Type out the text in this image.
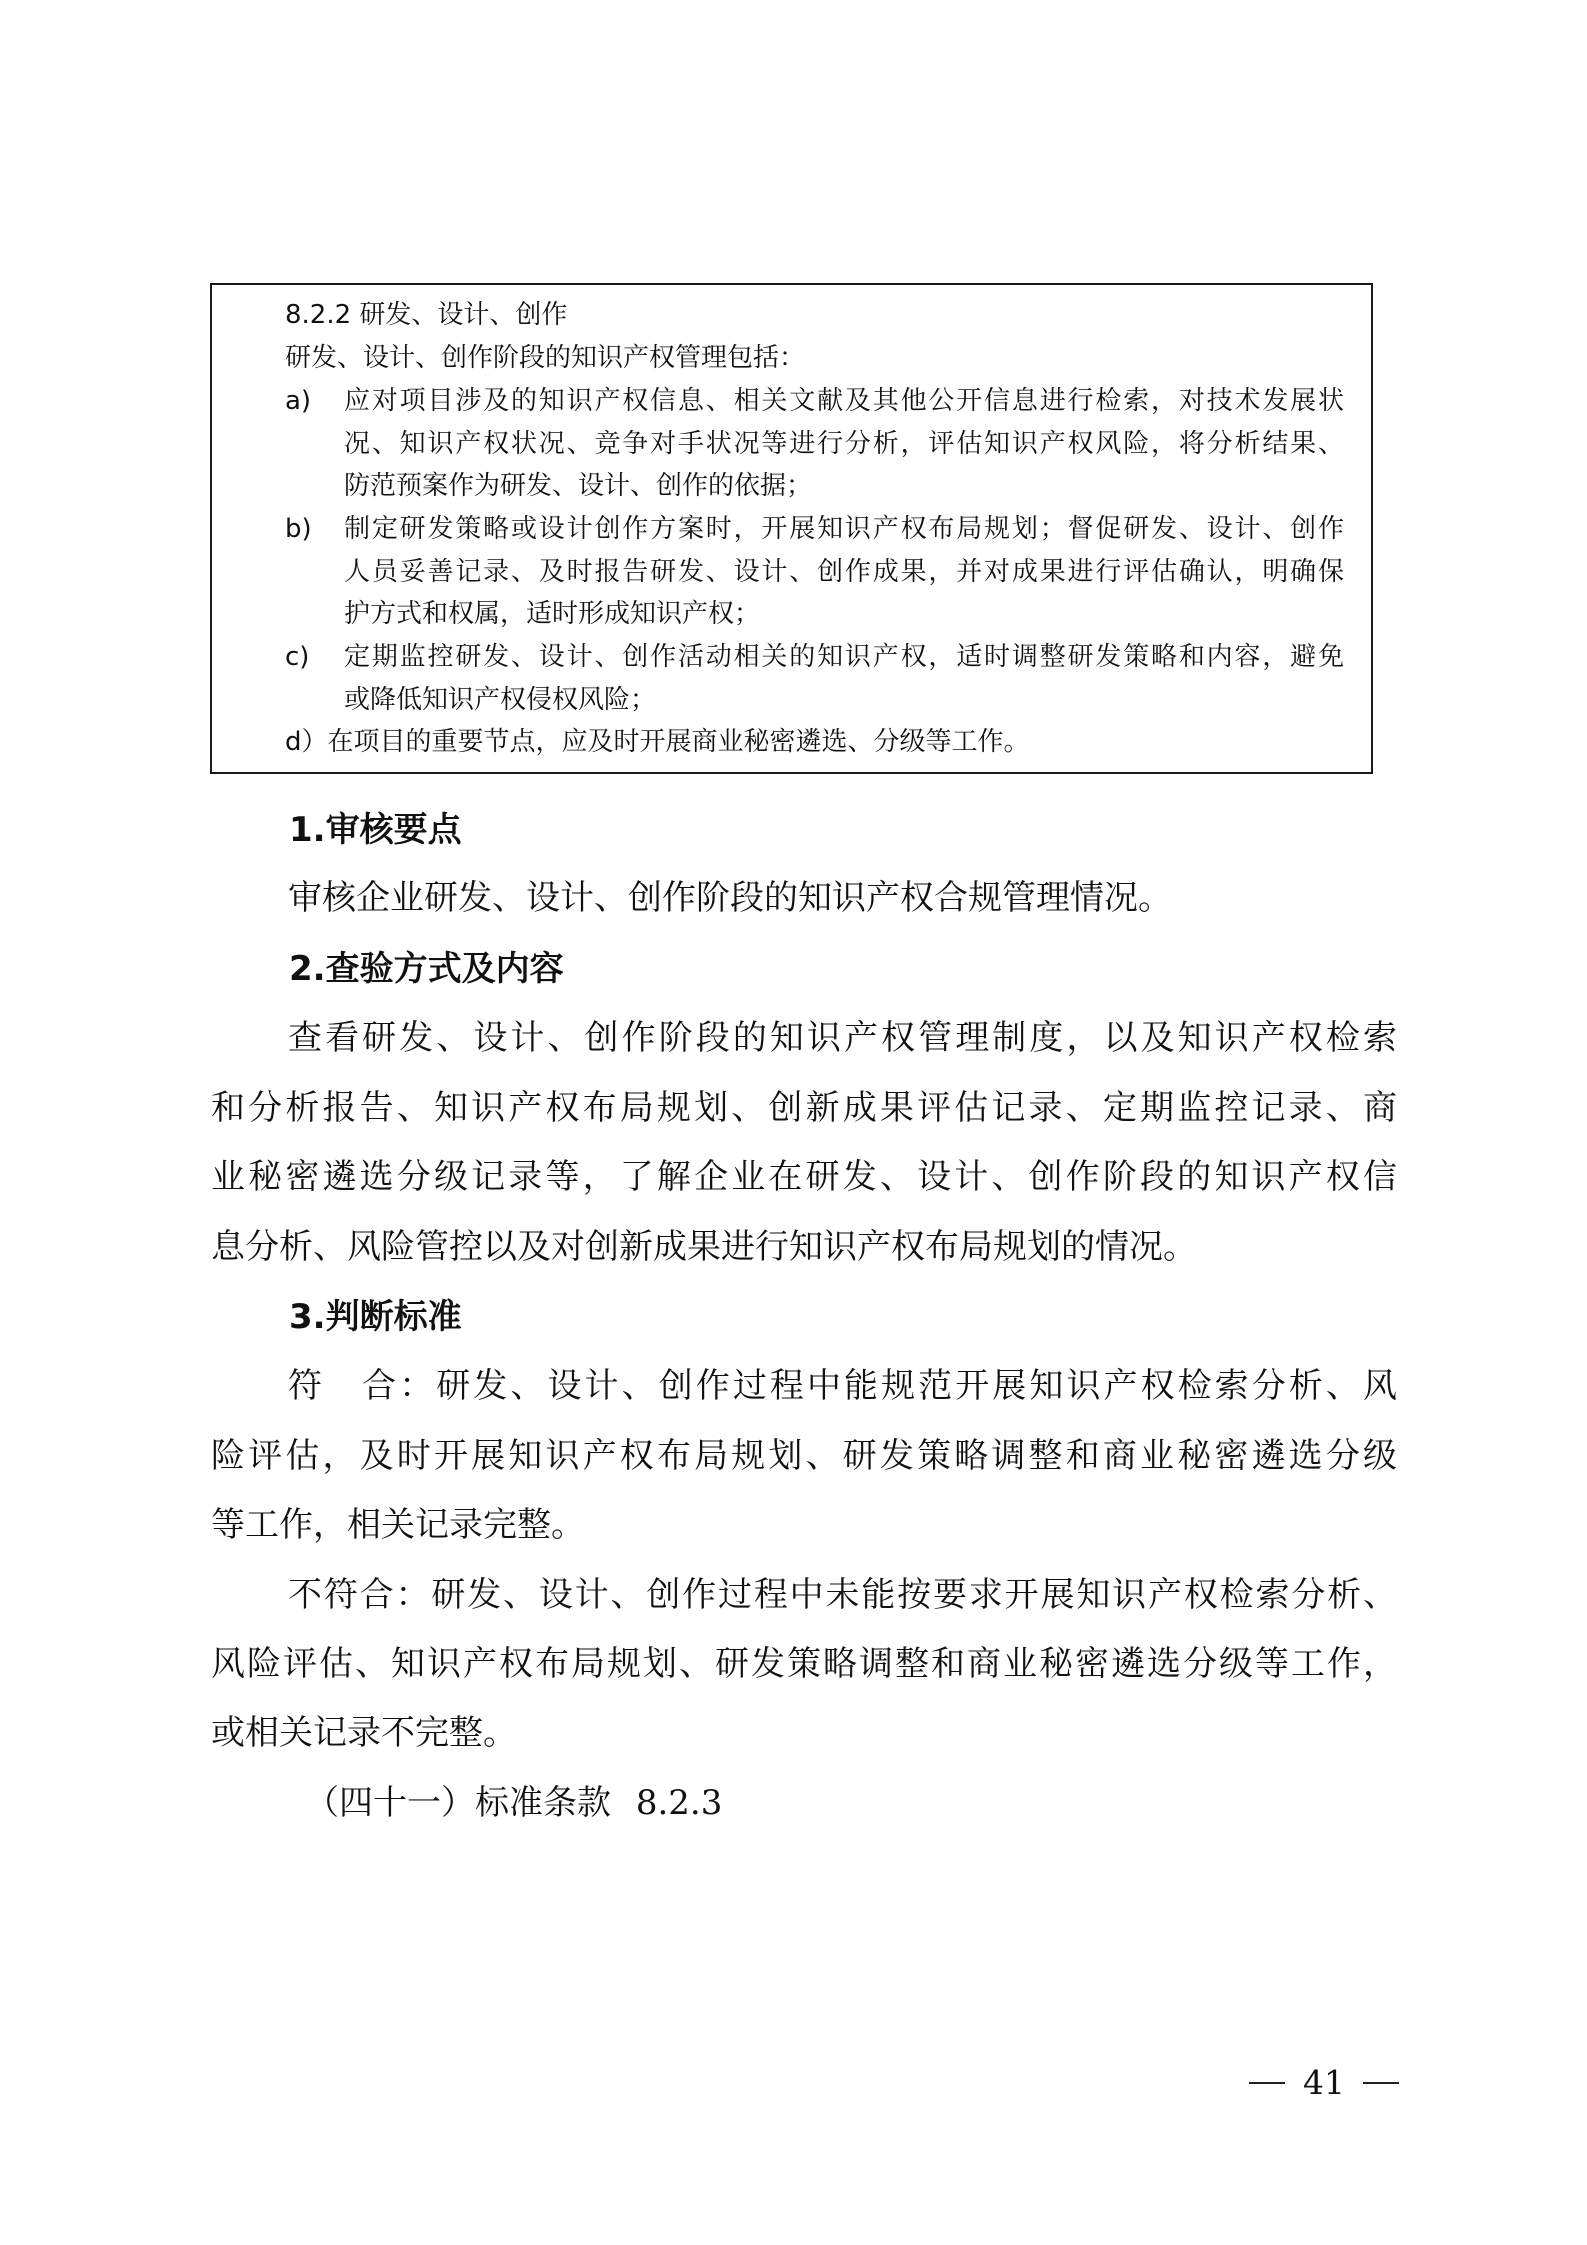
8.2.2 研发、设计、创作
研发、设计、创作阶段的知识产权管理包括：
a) 应对项目涉及的知识产权信息、相关文献及其他公开信息进行检索，对技术发展状
况、知识产权状况、竞争对手状况等进行分析，评估知识产权风险，将分析结果、
防范预案作为研发、设计、创作的依据；
b) 制定研发策略或设计创作方案时，开展知识产权布局规划；督促研发、设计、创作
人员妥善记录、及时报告研发、设计、创作成果，并对成果进行评估确认，明确保
护方式和权属，适时形成知识产权；
c) 定期监控研发、设计、创作活动相关的知识产权，适时调整研发策略和内容，避免
或降低知识产权侵权风险；
d）在项目的重要节点，应及时开展商业秘密遴选、分级等工作。
1.审核要点
审核企业研发、设计、创作阶段的知识产权合规管理情况。
2.查验方式及内容
查看研发、设计、创作阶段的知识产权管理制度，以及知识产权检索
和分析报告、知识产权布局规划、创新成果评估记录、定期监控记录、商
业秘密遴选分级记录等，了解企业在研发、设计、创作阶段的知识产权信
息分析、风险管控以及对创新成果进行知识产权布局规划的情况。
3.判断标准
符　合：研发、设计、创作过程中能规范开展知识产权检索分析、风
险评估，及时开展知识产权布局规划、研发策略调整和商业秘密遴选分级
等工作，相关记录完整。
不符合：研发、设计、创作过程中未能按要求开展知识产权检索分析、
风险评估、知识产权布局规划、研发策略调整和商业秘密遴选分级等工作，
或相关记录不完整。
（四十一）标准条款 8.2.3
41
